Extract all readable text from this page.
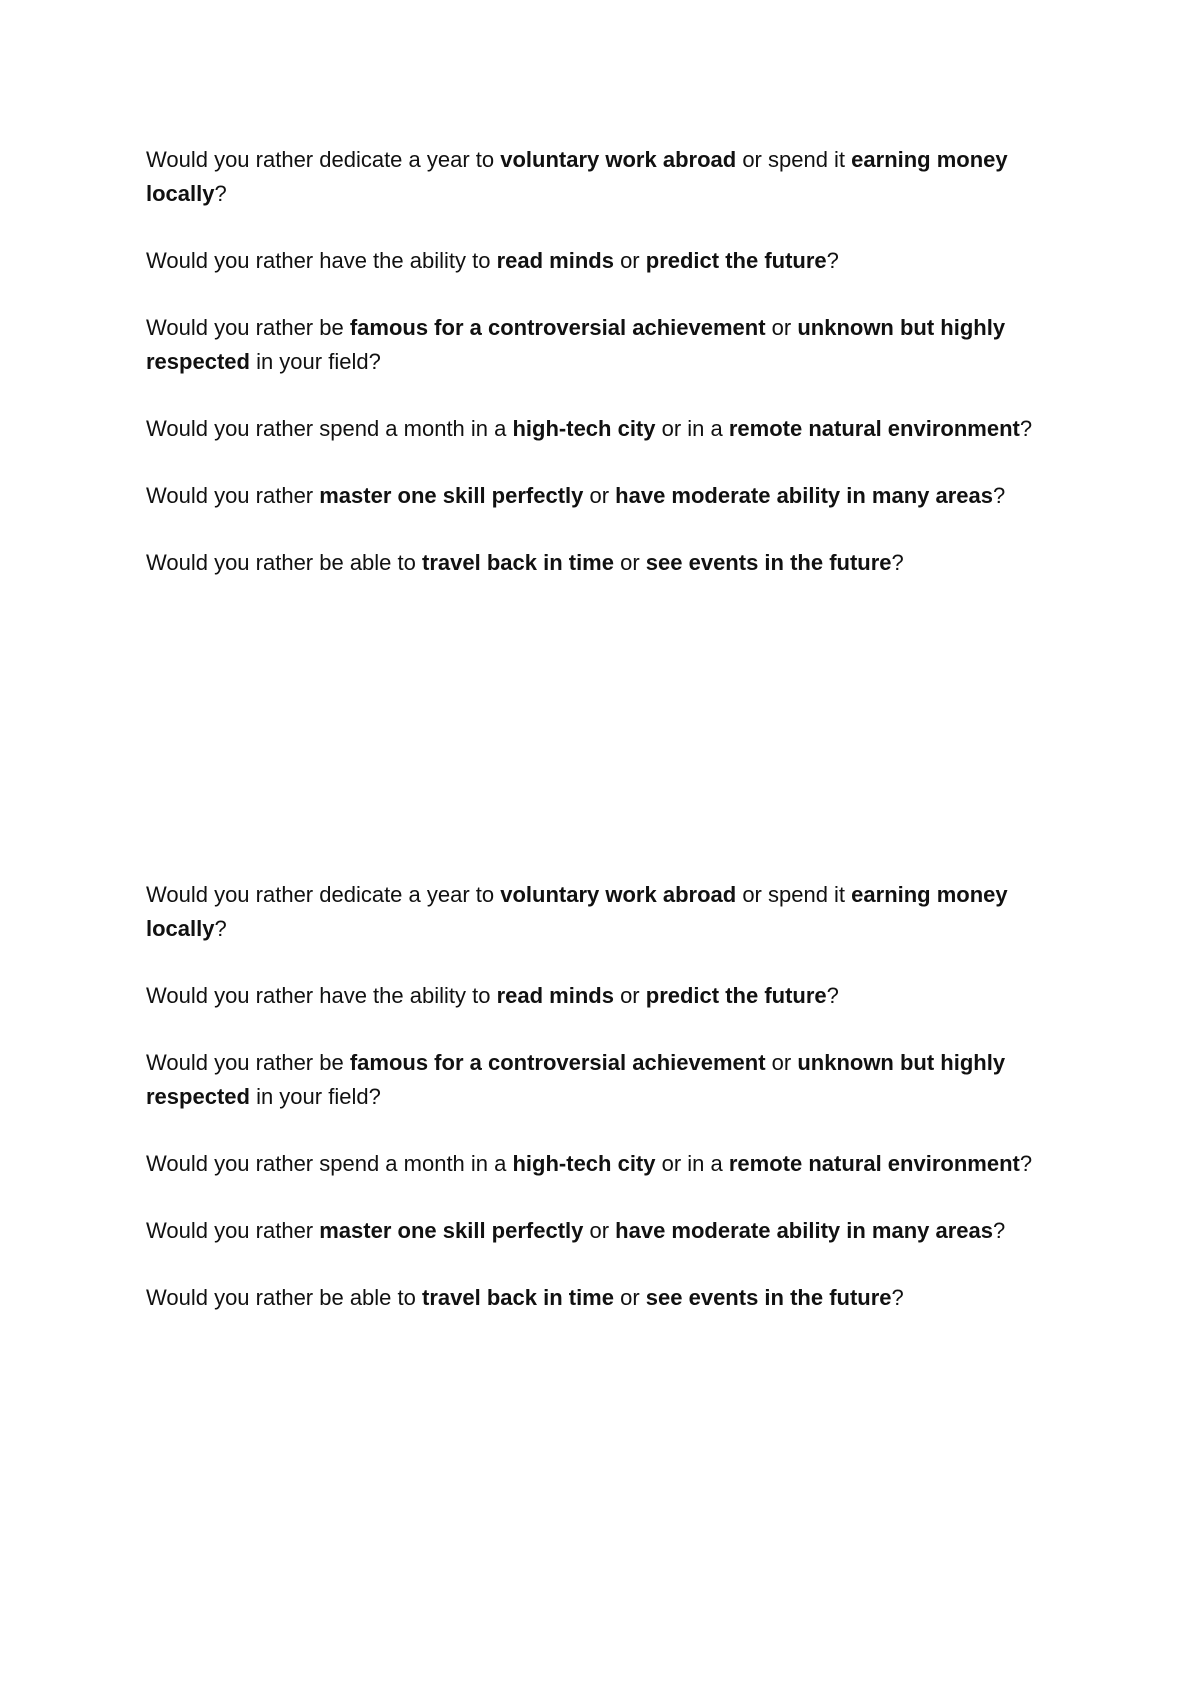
Would you rather dedicate a year to voluntary work abroad or spend it earning money locally?

Would you rather have the ability to read minds or predict the future?

Would you rather be famous for a controversial achievement or unknown but highly respected in your field?

Would you rather spend a month in a high-tech city or in a remote natural environment?

Would you rather master one skill perfectly or have moderate ability in many areas?

Would you rather be able to travel back in time or see events in the future?

Would you rather dedicate a year to voluntary work abroad or spend it earning money locally?

Would you rather have the ability to read minds or predict the future?

Would you rather be famous for a controversial achievement or unknown but highly respected in your field?

Would you rather spend a month in a high-tech city or in a remote natural environment?

Would you rather master one skill perfectly or have moderate ability in many areas?

Would you rather be able to travel back in time or see events in the future?
